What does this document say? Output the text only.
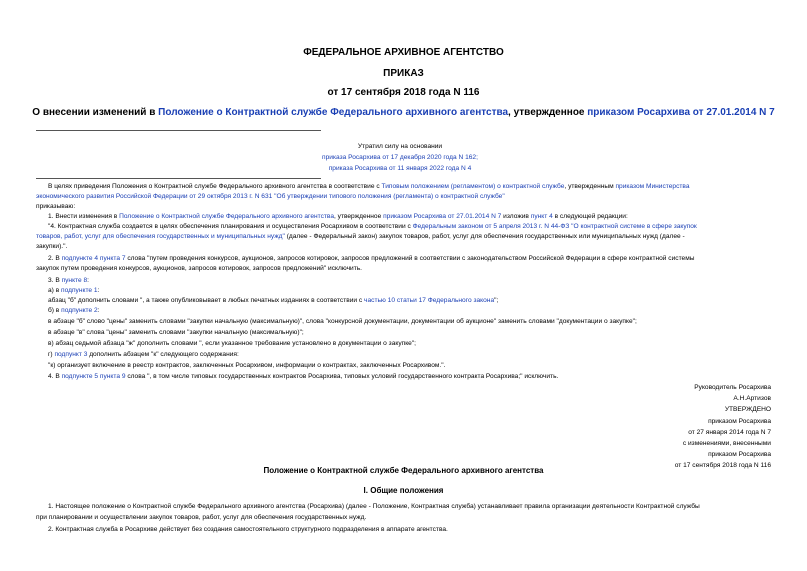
ФЕДЕРАЛЬНОЕ АРХИВНОЕ АГЕНТСТВО
ПРИКАЗ
от 17 сентября 2018 года N 116
О внесении изменений в Положение о Контрактной службе Федерального архивного агентства, утвержденное приказом Росархива от 27.01.2014 N 7
Утратил силу на основании
приказа Росархива от 17 декабря 2020 года N 162;
приказа Росархива от 11 января 2022 года N 4
В целях приведения Положения о Контрактной службе Федерального архивного агентства в соответствие с Типовым положением (регламентом) о контрактной службе, утвержденным приказом Министерства
экономического развития Российской Федерации от 29 октября 2013 г. N 631 "Об утверждении типового положения (регламента) о контрактной службе"
приказываю:
1. Внести изменения в Положение о Контрактной службе Федерального архивного агентства, утвержденное приказом Росархива от 27.01.2014 N 7 изложив пункт 4 в следующей редакции:
"4. Контрактная служба создается в целях обеспечения планирования и осуществления Росархивом в соответствии с Федеральным законом от 5 апреля 2013 г. N 44-ФЗ "О контрактной системе в сфере закупок
товаров, работ, услуг для обеспечения государственных и муниципальных нужд" (далее - Федеральный закон) закупок товаров, работ, услуг для обеспечения государственных или муниципальных нужд (далее -
закупки).".
2. В подпункте 4 пункта 7 слова "путем проведения конкурсов, аукционов, запросов котировок, запросов предложений в соответствии с законодательством Российской Федерации в сфере контрактной системы
закупок путем проведения конкурсов, аукционов, запросов котировок, запросов предложений" исключить.
3. В пункте 8:
а) в подпункте 1:
абзац "б" дополнить словами ", а также опубликовывает в любых печатных изданиях в соответствии с частью 10 статьи 17 Федерального закона";
б) в подпункте 2:
в абзаце "б" слово "цены" заменить словами "закупки начальную (максимальную)", слова "конкурсной документации, документации об аукционе" заменить словами "документации о закупке";
в абзаце "в" слова "цены" заменить словами "закупки начальную (максимальную)";
в) абзац седьмой абзаца "ж" дополнить словами ", если указанное требование установлено в документации о закупке";
г) подпункт 3 дополнить абзацем "к" следующего содержания:
"к) организует включение в реестр контрактов, заключенных Росархивом, информации о контрактах, заключенных Росархивом.".
4. В подпункте 5 пункта 9 слова ", в том числе типовых государственных контрактов Росархива, типовых условий государственного контракта Росархива;" исключить.
Руководитель Росархива
А.Н.Артизов
УТВЕРЖДЕНО
приказом Росархива
от 27 января 2014 года N 7
с изменениями, внесенными
приказом Росархива
от 17 сентября 2018 года N 116
Положение о Контрактной службе Федерального архивного агентства
I. Общие положения
1. Настоящее положение о Контрактной службе Федерального архивного агентства (Росархива) (далее - Положение, Контрактная служба) устанавливает правила организации деятельности Контрактной службы
при планировании и осуществлении закупок товаров, работ, услуг для обеспечения государственных нужд.
2. Контрактная служба в Росархиве действует без создания самостоятельного структурного подразделения в аппарате агентства.
